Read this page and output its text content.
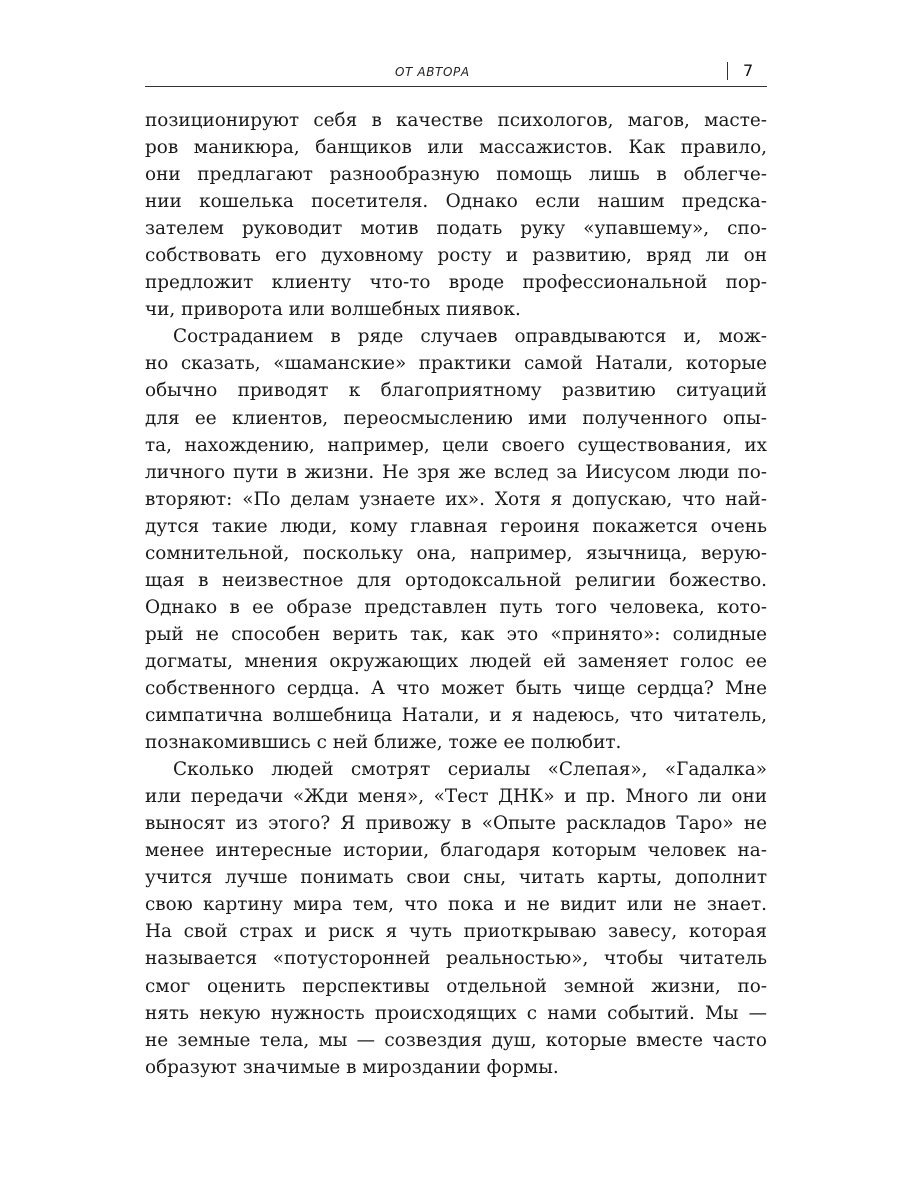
ОТ АВТОРА	7

позиционируют себя в качестве психологов, магов, масте-
ров маникюра, банщиков или массажистов. Как правило,
они предлагают разнообразную помощь лишь в облегче-
нии кошелька посетителя. Однако если нашим предска-
зателем руководит мотив подать руку «упавшему», спо-
собствовать его духовному росту и развитию, вряд ли он
предложит клиенту что-то вроде профессиональной пор-
чи, приворота или волшебных пиявок.

Состраданием в ряде случаев оправдываются и, мож-
но сказать, «шаманские» практики самой Натали, которые
обычно приводят к благоприятному развитию ситуаций
для ее клиентов, переосмыслению ими полученного опы-
та, нахождению, например, цели своего существования, их
личного пути в жизни. Не зря же вслед за Иисусом люди по-
вторяют: «По делам узнаете их». Хотя я допускаю, что най-
дутся такие люди, кому главная героиня покажется очень
сомнительной, поскольку она, например, язычница, верую-
щая в неизвестное для ортодоксальной религии божество.
Однако в ее образе представлен путь того человека, кото-
рый не способен верить так, как это «принято»: солидные
догматы, мнения окружающих людей ей заменяет голос ее
собственного сердца. А что может быть чище сердца? Мне
симпатична волшебница Натали, и я надеюсь, что читатель,
познакомившись с ней ближе, тоже ее полюбит.

Сколько людей смотрят сериалы «Слепая», «Гадалка»
или передачи «Жди меня», «Тест ДНК» и пр. Много ли они
выносят из этого? Я привожу в «Опыте раскладов Таро» не
менее интересные истории, благодаря которым человек на-
учится лучше понимать свои сны, читать карты, дополнит
свою картину мира тем, что пока и не видит или не знает.
На свой страх и риск я чуть приоткрываю завесу, которая
называется «потусторонней реальностью», чтобы читатель
смог оценить перспективы отдельной земной жизни, по-
нять некую нужность происходящих с нами событий. Мы —
не земные тела, мы — созвездия душ, которые вместе часто
образуют значимые в мироздании формы.
